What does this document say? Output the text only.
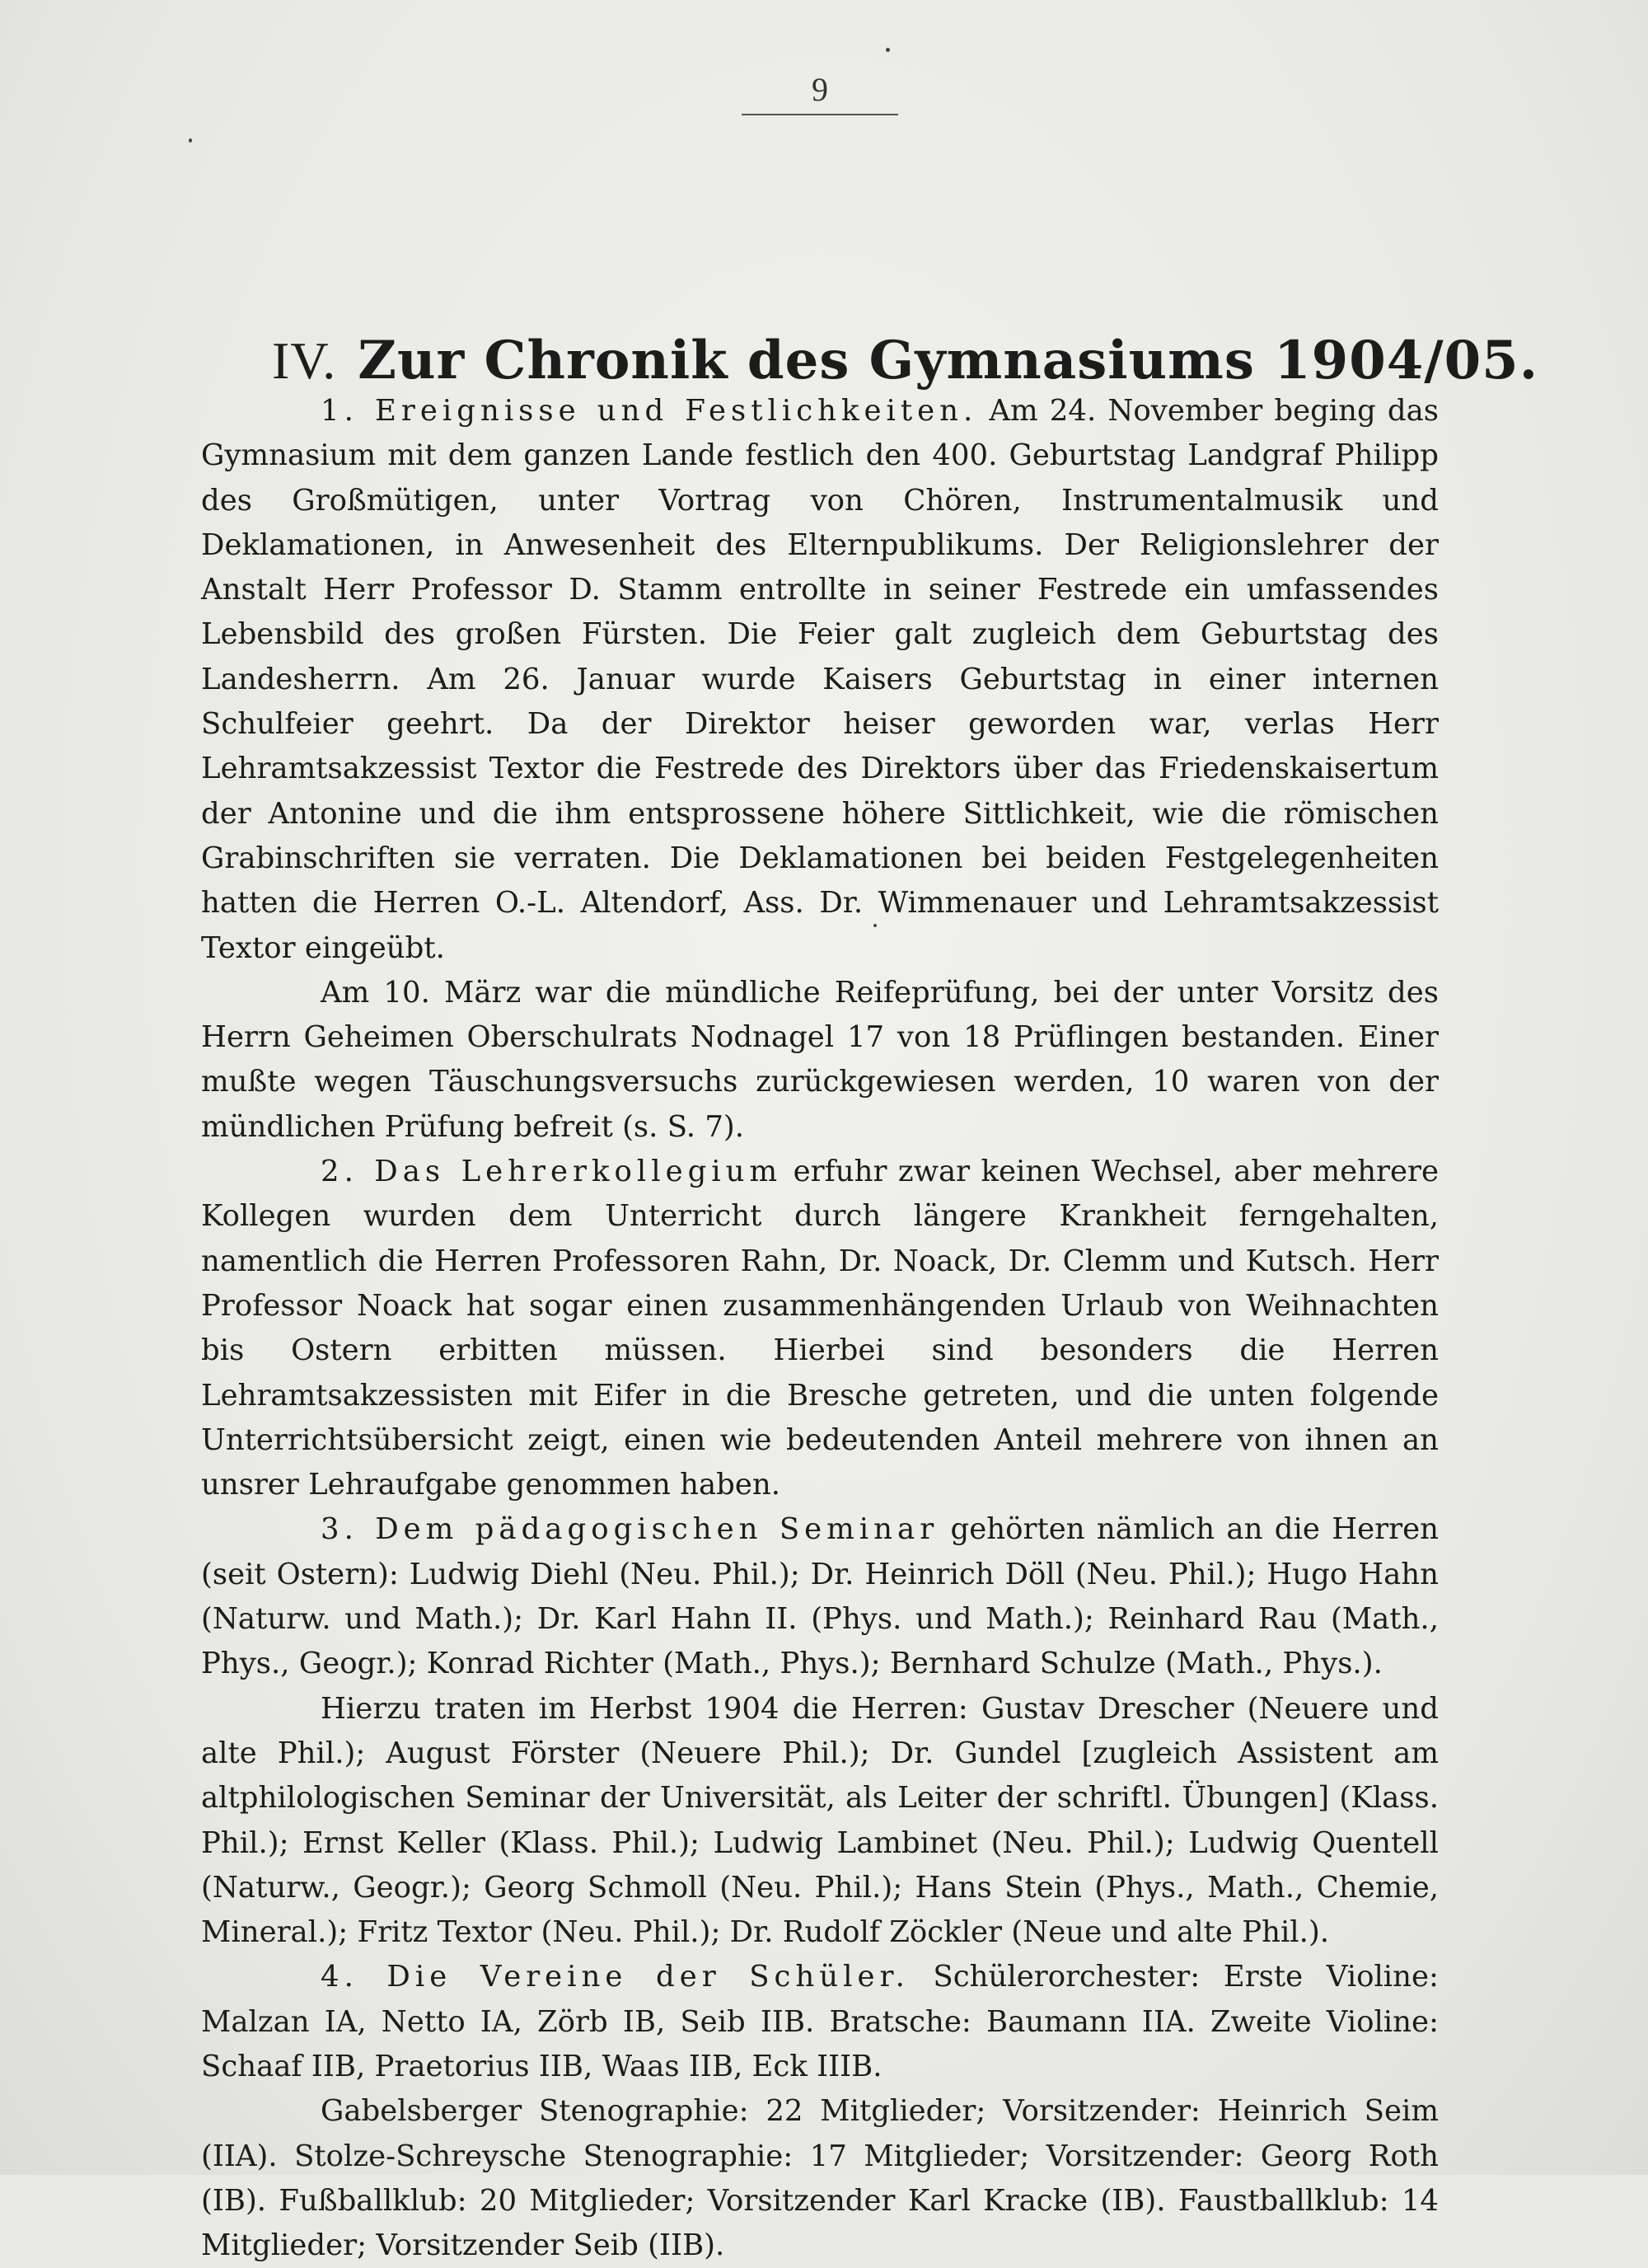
9
IV. Zur Chronik des Gymnasiums 1904/05.

1. Ereignisse und Festlichkeiten. Am 24. November beging das Gymnasium mit dem ganzen Lande festlich den 400. Geburtstag Landgraf Philipp des Großmütigen, unter Vortrag von Chören, Instrumentalmusik und Deklamationen, in Anwesenheit des Elternpublikums. Der Religionslehrer der Anstalt Herr Professor D. Stamm entrollte in seiner Festrede ein umfassendes Lebensbild des großen Fürsten. Die Feier galt zugleich dem Geburtstag des Landesherrn. Am 26. Januar wurde Kaisers Geburtstag in einer internen Schulfeier geehrt. Da der Direktor heiser geworden war, verlas Herr Lehramtsakzessist Textor die Festrede des Direktors über das Friedenskaisertum der Antonine und die ihm entsprossene höhere Sittlichkeit, wie die römischen Grabinschriften sie verraten. Die Deklamationen bei beiden Festgelegenheiten hatten die Herren O.-L. Altendorf, Ass. Dr. Wimmenauer und Lehramtsakzessist Textor eingeübt.

Am 10. März war die mündliche Reifeprüfung, bei der unter Vorsitz des Herrn Geheimen Oberschulrats Nodnagel 17 von 18 Prüflingen bestanden. Einer mußte wegen Täuschungsversuchs zurückgewiesen werden, 10 waren von der mündlichen Prüfung befreit (s. S. 7).

2. Das Lehrerkollegium erfuhr zwar keinen Wechsel, aber mehrere Kollegen wurden dem Unterricht durch längere Krankheit ferngehalten, namentlich die Herren Professoren Rahn, Dr. Noack, Dr. Clemm und Kutsch. Herr Professor Noack hat sogar einen zusammenhängenden Urlaub von Weihnachten bis Ostern erbitten müssen. Hierbei sind besonders die Herren Lehramtsakzessisten mit Eifer in die Bresche getreten, und die unten folgende Unterrichtsübersicht zeigt, einen wie bedeutenden Anteil mehrere von ihnen an unsrer Lehraufgabe genommen haben.

3. Dem pädagogischen Seminar gehörten nämlich an die Herren (seit Ostern): Ludwig Diehl (Neu. Phil.); Dr. Heinrich Döll (Neu. Phil.); Hugo Hahn (Naturw. und Math.); Dr. Karl Hahn II. (Phys. und Math.); Reinhard Rau (Math., Phys., Geogr.); Konrad Richter (Math., Phys.); Bernhard Schulze (Math., Phys.).

Hierzu traten im Herbst 1904 die Herren: Gustav Drescher (Neuere und alte Phil.); August Förster (Neuere Phil.); Dr. Gundel [zugleich Assistent am altphilologischen Seminar der Universität, als Leiter der schriftl. Übungen] (Klass. Phil.); Ernst Keller (Klass. Phil.); Ludwig Lambinet (Neu. Phil.); Ludwig Quentell (Naturw., Geogr.); Georg Schmoll (Neu. Phil.); Hans Stein (Phys., Math., Chemie, Mineral.); Fritz Textor (Neu. Phil.); Dr. Rudolf Zöckler (Neue und alte Phil.).

4. Die Vereine der Schüler. Schülerorchester: Erste Violine: Malzan IA, Netto IA, Zörb IB, Seib IIB. Bratsche: Baumann IIA. Zweite Violine: Schaaf IIB, Praetorius IIB, Waas IIB, Eck IIIB.

Gabelsberger Stenographie: 22 Mitglieder; Vorsitzender: Heinrich Seim (IIA). Stolze-Schreysche Stenographie: 17 Mitglieder; Vorsitzender: Georg Roth (IB). Fußballklub: 20 Mitglieder; Vorsitzender Karl Kracke (IB). Faustballklub: 14 Mitglieder; Vorsitzender Seib (IIB).
